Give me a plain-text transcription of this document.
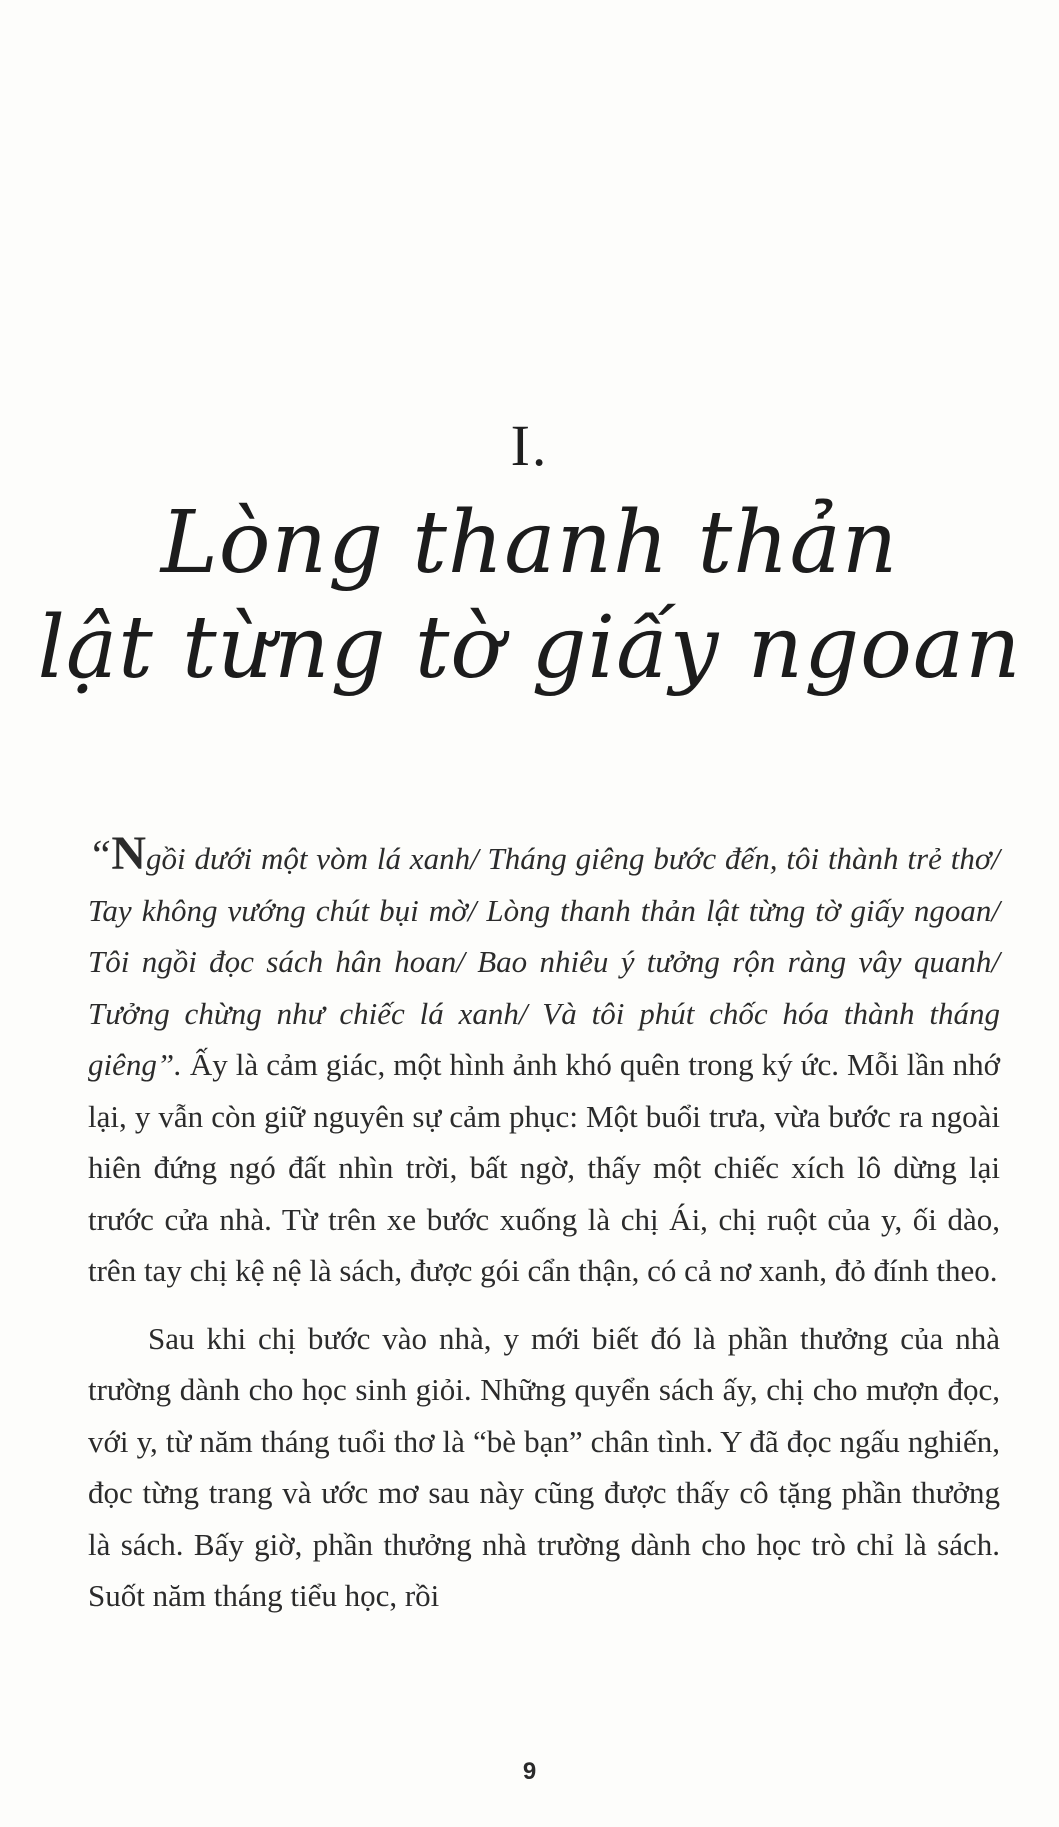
I.
Lòng thanh thản
lật từng tờ giấy ngoan

“Ngồi dưới một vòm lá xanh/ Tháng giêng bước đến, tôi thành trẻ thơ/ Tay không vướng chút bụi mờ/ Lòng thanh thản lật từng tờ giấy ngoan/ Tôi ngồi đọc sách hân hoan/ Bao nhiêu ý tưởng rộn ràng vây quanh/ Tưởng chừng như chiếc lá xanh/ Và tôi phút chốc hóa thành tháng giêng”. Ấy là cảm giác, một hình ảnh khó quên trong ký ức. Mỗi lần nhớ lại, y vẫn còn giữ nguyên sự cảm phục: Một buổi trưa, vừa bước ra ngoài hiên đứng ngó đất nhìn trời, bất ngờ, thấy một chiếc xích lô dừng lại trước cửa nhà. Từ trên xe bước xuống là chị Ái, chị ruột của y, ối dào, trên tay chị kệ nệ là sách, được gói cẩn thận, có cả nơ xanh, đỏ đính theo.

Sau khi chị bước vào nhà, y mới biết đó là phần thưởng của nhà trường dành cho học sinh giỏi. Những quyển sách ấy, chị cho mượn đọc, với y, từ năm tháng tuổi thơ là “bè bạn” chân tình. Y đã đọc ngấu nghiến, đọc từng trang và ước mơ sau này cũng được thấy cô tặng phần thưởng là sách. Bấy giờ, phần thưởng nhà trường dành cho học trò chỉ là sách. Suốt năm tháng tiểu học, rồi

9
